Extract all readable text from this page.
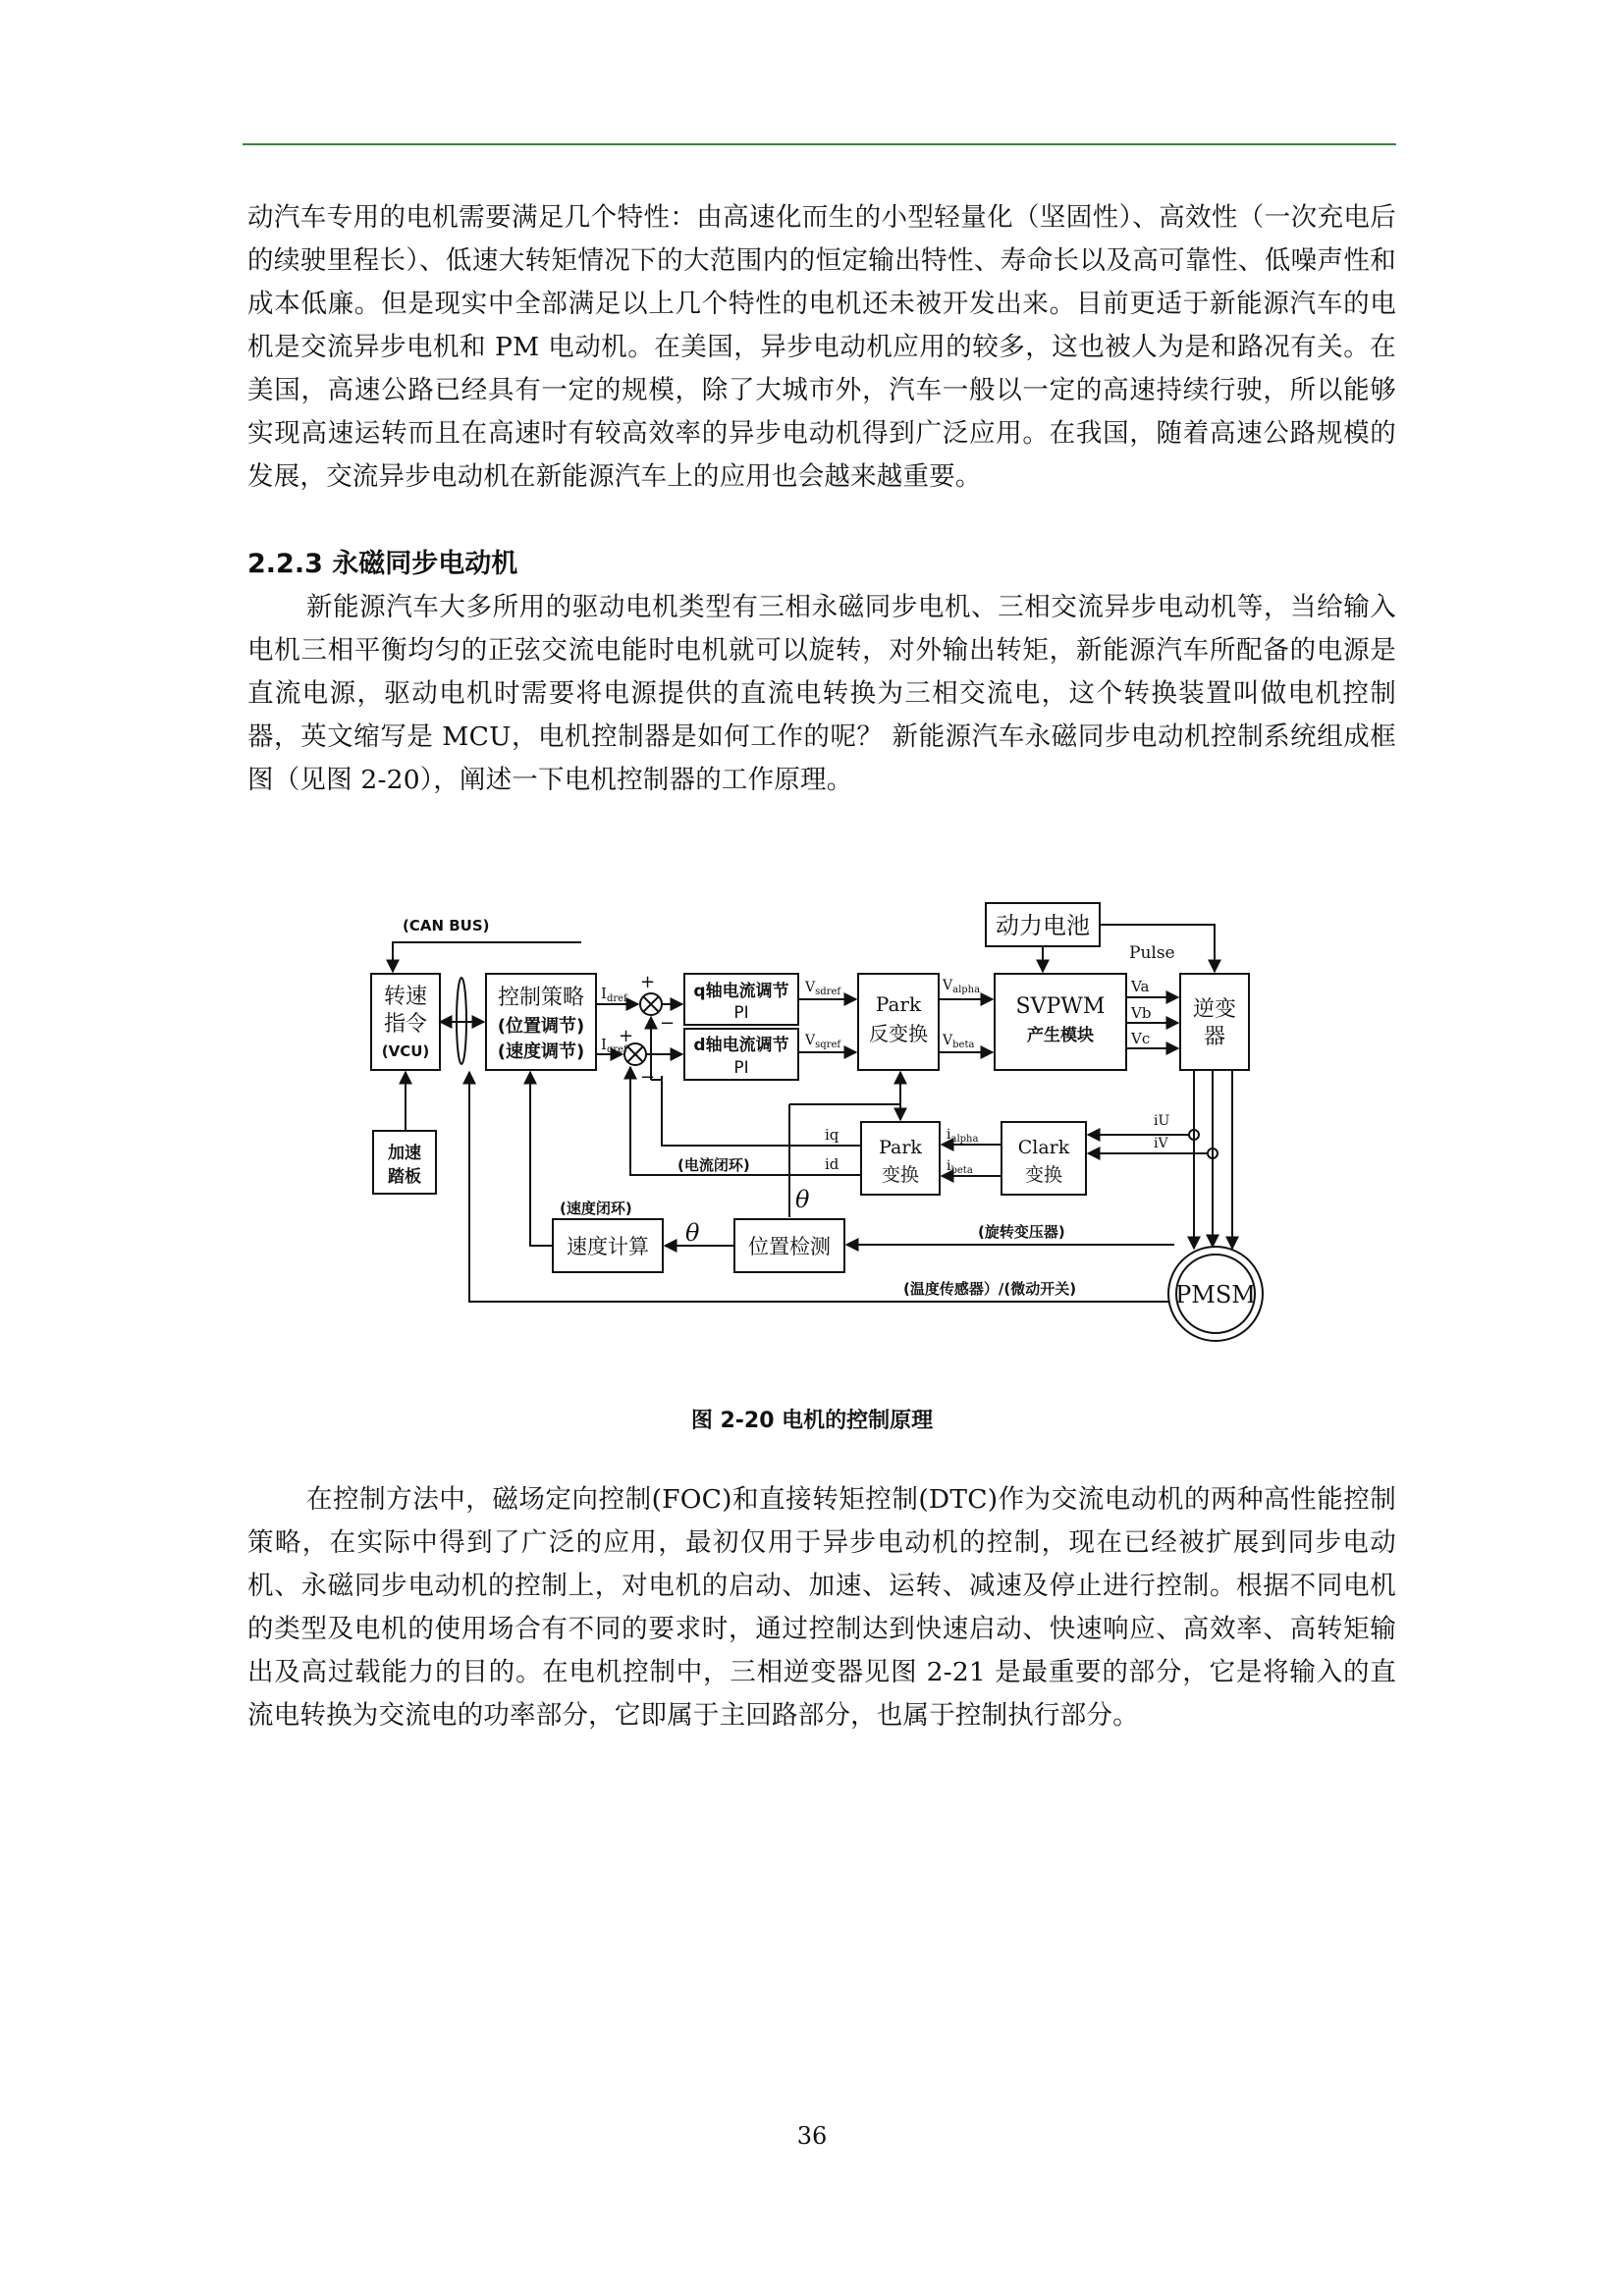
动汽车专用的电机需要满足几个特性：由高速化而生的小型轻量化（坚固性）、高效性（一次充电后的续驶里程长）、低速大转矩情况下的大范围内的恒定输出特性、寿命长以及高可靠性、低噪声性和成本低廉。但是现实中全部满足以上几个特性的电机还未被开发出来。目前更适于新能源汽车的电机是交流异步电机和 PM 电动机。在美国，异步电动机应用的较多，这也被人为是和路况有关。在美国，高速公路已经具有一定的规模，除了大城市外，汽车一般以一定的高速持续行驶，所以能够实现高速运转而且在高速时有较高效率的异步电动机得到广泛应用。在我国，随着高速公路规模的发展，交流异步电动机在新能源汽车上的应用也会越来越重要。

2.2.3 永磁同步电动机

新能源汽车大多所用的驱动电机类型有三相永磁同步电机、三相交流异步电动机等，当给输入电机三相平衡均匀的正弦交流电能时电机就可以旋转，对外输出转矩，新能源汽车所配备的电源是直流电源，驱动电机时需要将电源提供的直流电转换为三相交流电，这个转换装置叫做电机控制器，英文缩写是 MCU，电机控制器是如何工作的呢？ 新能源汽车永磁同步电动机控制系统组成框图（见图 2-20），阐述一下电机控制器的工作原理。

(CAN BUS)	动力电池
Pulse
转速
指令
(VCU)
加速
踏板
控制策略
(位置调节)
(速度调节)
$I_{dref}$
$I_{qref}$
+
−
+
−
q轴电流调节
PI
d轴电流调节
PI
$V_{sdref}$
$V_{sqref}$
Park
反变换
$V_{alpha}$
$V_{beta}$
SVPWM
产生模块
Va
Vb
Vc
逆变
器
iU
iV
Park
变换
iq
id
$i_{alpha}$
$i_{beta}$
Clark
变换
(电流闭环)
(速度闭环)
θ
θ
速度计算	位置检测
(旋转变压器)
(温度传感器）/(微动开关)	PMSM
图 2-20 电机的控制原理

在控制方法中，磁场定向控制(FOC)和直接转矩控制(DTC)作为交流电动机的两种高性能控制策略，在实际中得到了广泛的应用，最初仅用于异步电动机的控制，现在已经被扩展到同步电动机、永磁同步电动机的控制上，对电机的启动、加速、运转、减速及停止进行控制。根据不同电机的类型及电机的使用场合有不同的要求时，通过控制达到快速启动、快速响应、高效率、高转矩输出及高过载能力的目的。在电机控制中，三相逆变器见图 2-21 是最重要的部分，它是将输入的直流电转换为交流电的功率部分，它即属于主回路部分，也属于控制执行部分。

36
